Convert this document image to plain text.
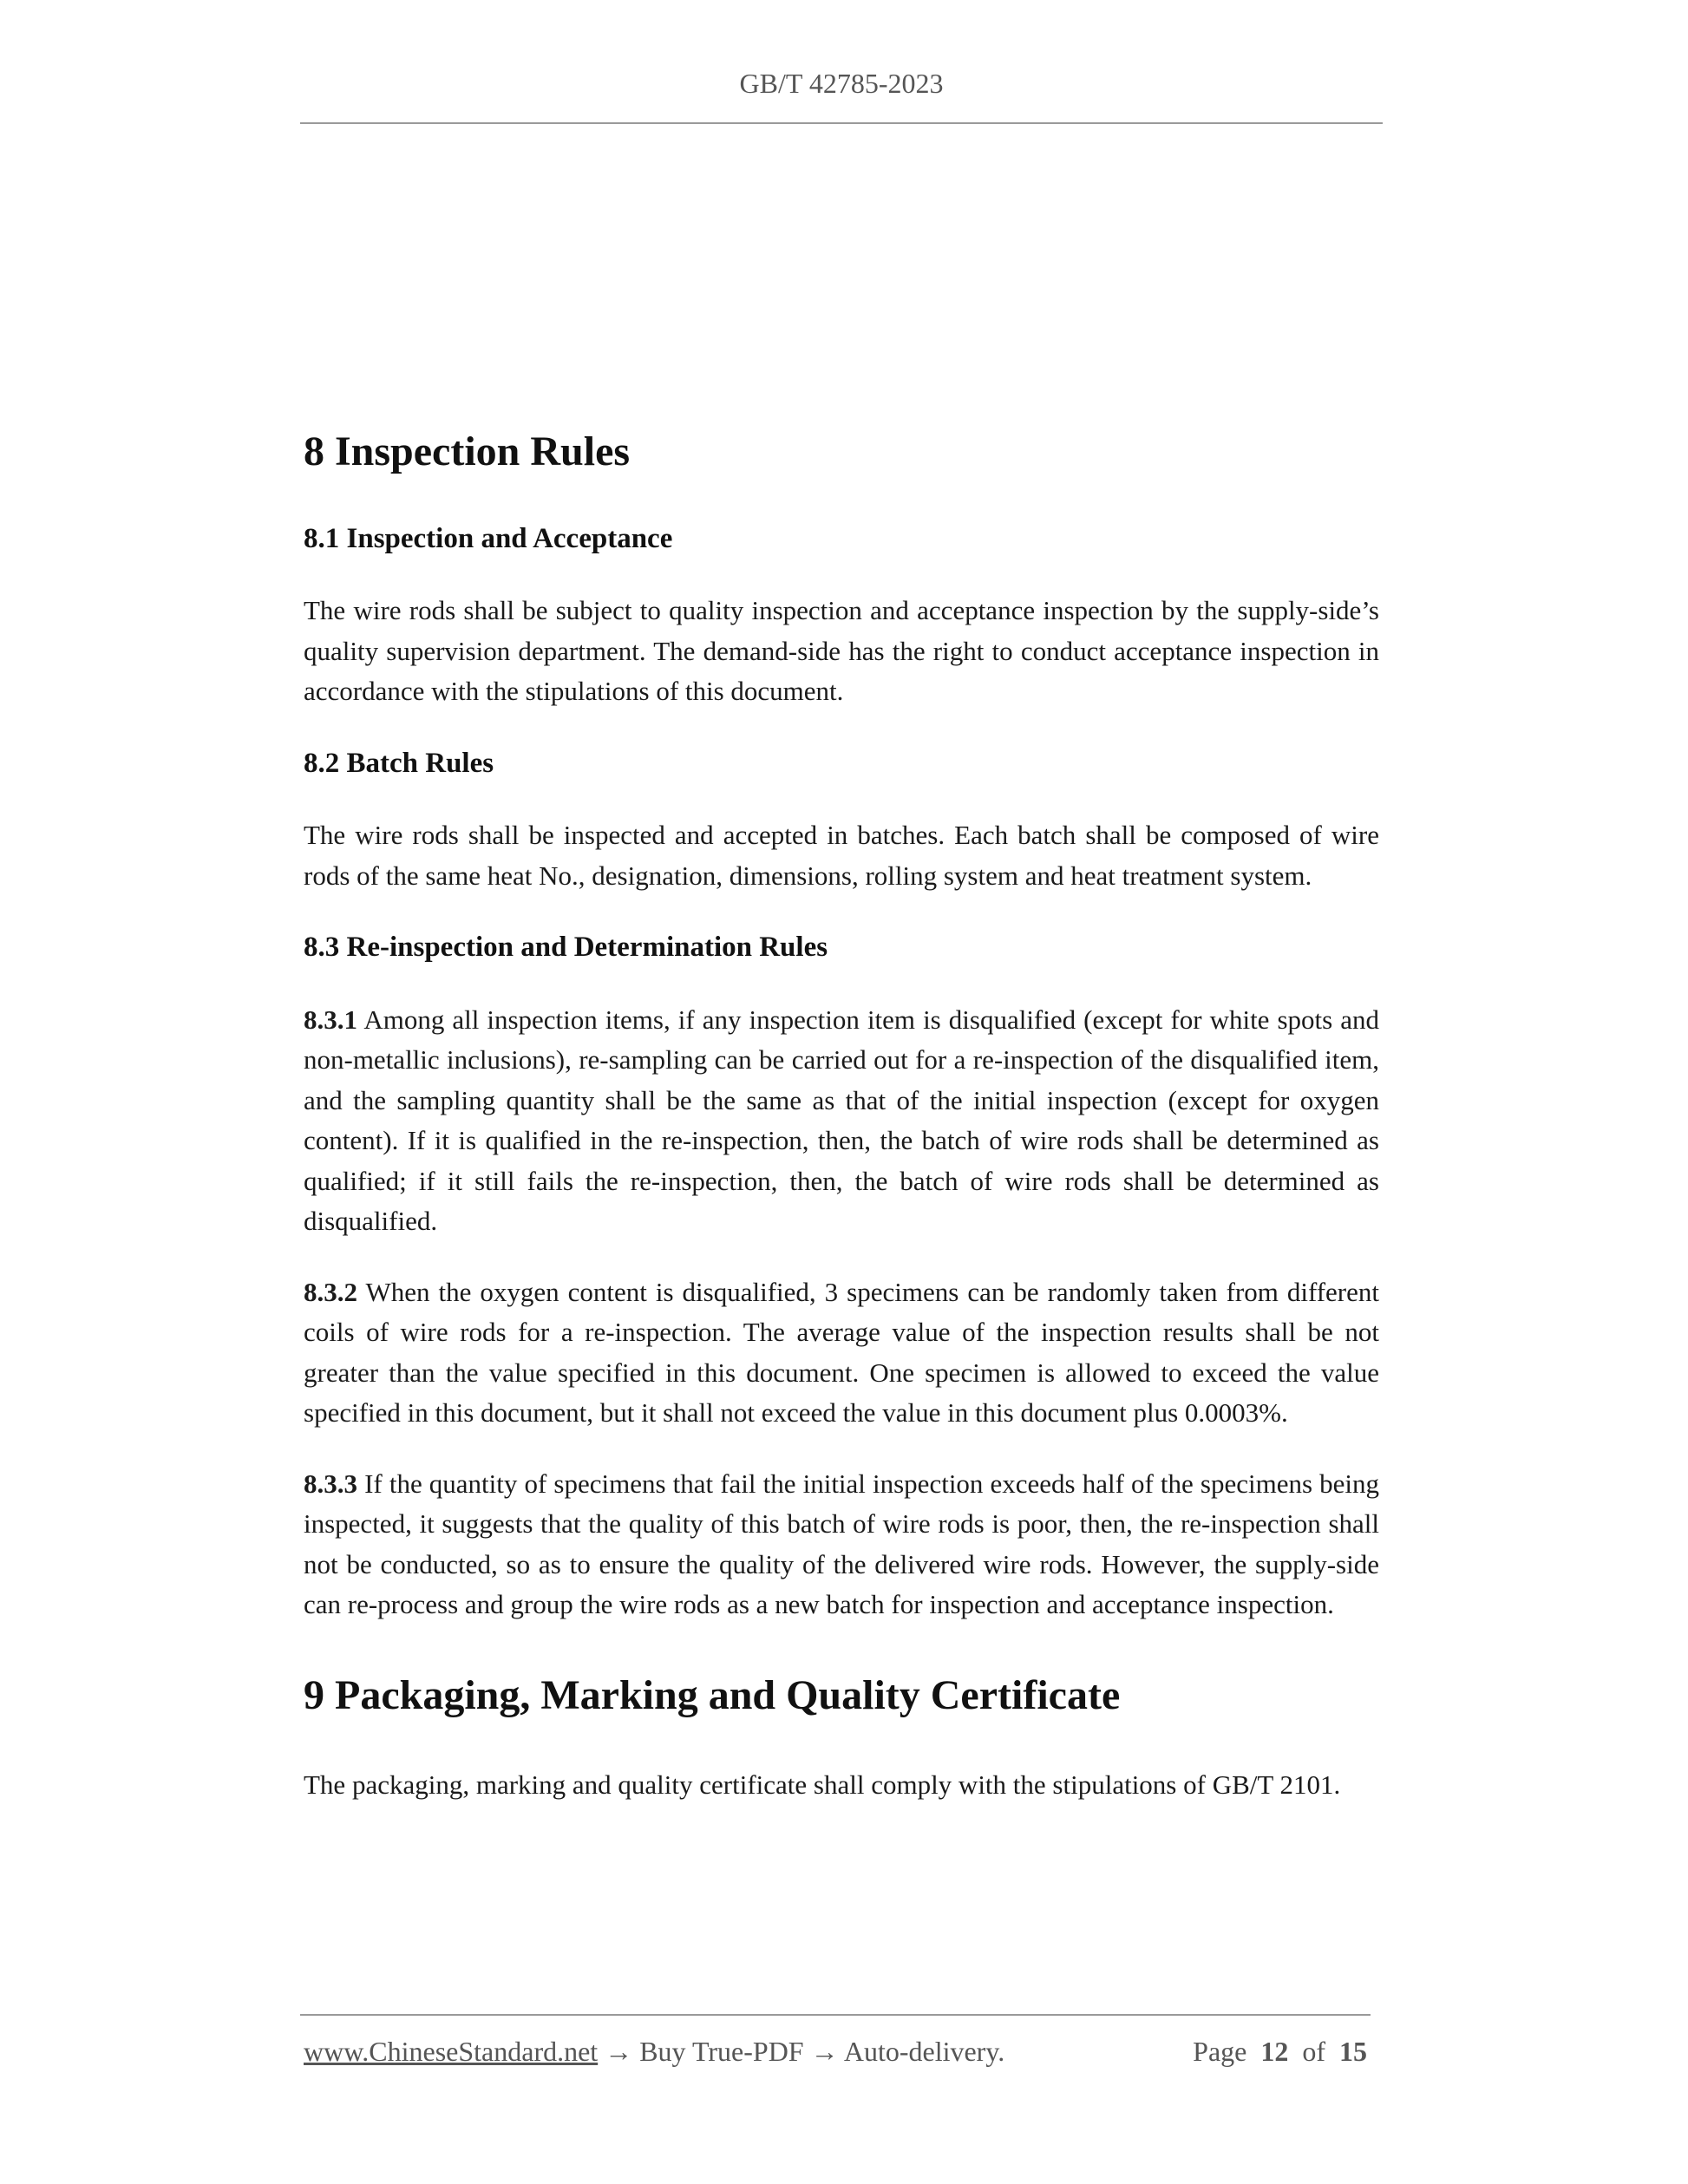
GB/T 42785-2023
8 Inspection Rules
8.1 Inspection and Acceptance

The wire rods shall be subject to quality inspection and acceptance inspection by the supply-side’s quality supervision department. The demand-side has the right to conduct acceptance inspection in accordance with the stipulations of this document.

8.2 Batch Rules

The wire rods shall be inspected and accepted in batches. Each batch shall be composed of wire rods of the same heat No., designation, dimensions, rolling system and heat treatment system.

8.3 Re-inspection and Determination Rules

8.3.1 Among all inspection items, if any inspection item is disqualified (except for white spots and non-metallic inclusions), re-sampling can be carried out for a re-inspection of the disqualified item, and the sampling quantity shall be the same as that of the initial inspection (except for oxygen content). If it is qualified in the re-inspection, then, the batch of wire rods shall be determined as qualified; if it still fails the re-inspection, then, the batch of wire rods shall be determined as disqualified.

8.3.2 When the oxygen content is disqualified, 3 specimens can be randomly taken from different coils of wire rods for a re-inspection. The average value of the inspection results shall be not greater than the value specified in this document. One specimen is allowed to exceed the value specified in this document, but it shall not exceed the value in this document plus 0.0003%.

8.3.3 If the quantity of specimens that fail the initial inspection exceeds half of the specimens being inspected, it suggests that the quality of this batch of wire rods is poor, then, the re-inspection shall not be conducted, so as to ensure the quality of the delivered wire rods. However, the supply-side can re-process and group the wire rods as a new batch for inspection and acceptance inspection.

9 Packaging, Marking and Quality Certificate

The packaging, marking and quality certificate shall comply with the stipulations of GB/T 2101.

www.ChineseStandard.net → Buy True-PDF → Auto-delivery.	Page 12 of 15
